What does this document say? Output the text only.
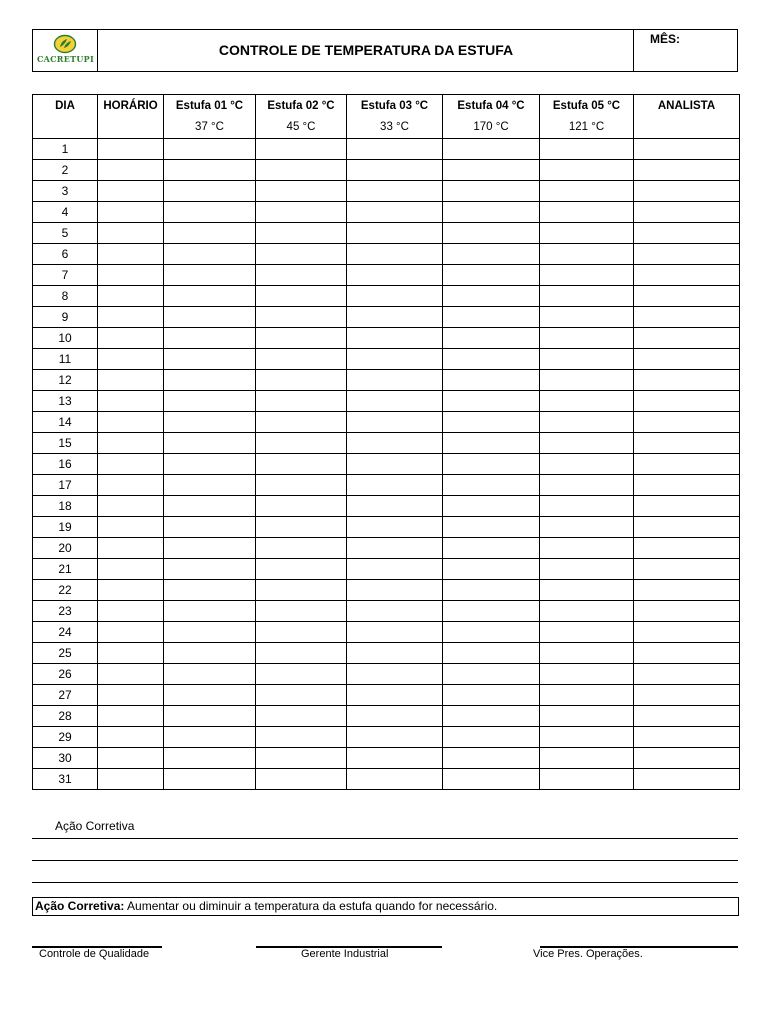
CACRETUPI
CONTROLE DE TEMPERATURA DA ESTUFA
MÊS:
DIA	HORÁRIO	Estufa 01 °C	Estufa 02 °C	Estufa 03 °C	Estufa 04 °C	Estufa 05 °C	ANALISTA
		37 °C	45 °C	33 °C	170 °C	121 °C	
1							
2							
3							
4							
5							
6							
7							
8							
9							
10							
11							
12							
13							
14							
15							
16							
17							
18							
19							
20							
21							
22							
23							
24							
25							
26							
27							
28							
29							
30							
31							
Ação Corretiva
Ação Corretiva: Aumentar ou diminuir a temperatura da estufa quando for necessário.
Controle de Qualidade	Gerente Industrial	Vice Pres. Operações.
